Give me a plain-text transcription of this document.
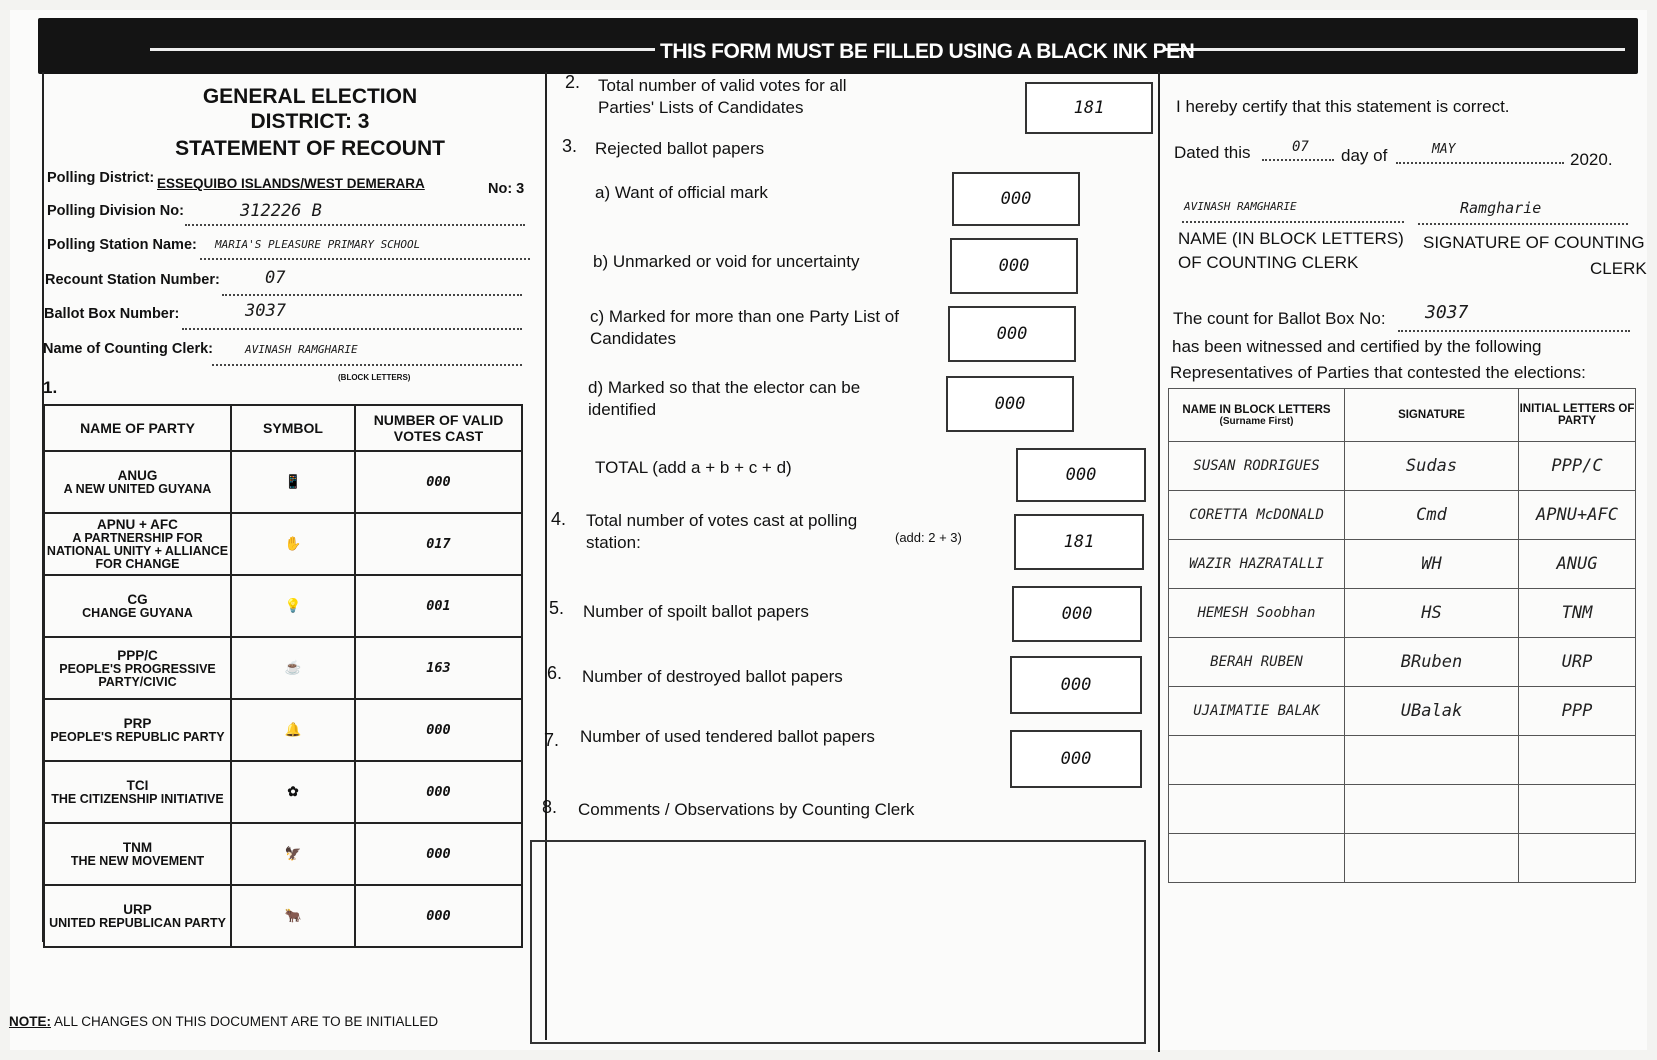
THIS FORM MUST BE FILLED USING A BLACK INK PEN
GENERAL ELECTION
DISTRICT: 3
STATEMENT OF RECOUNT
Polling District: ESSEQUIBO ISLANDS/WEST DEMERARA	No: 3
Polling Division No:	312226 B
Polling Station Name: MARIA'S PLEASURE PRIMARY SCHOOL
Recount Station Number:	07
Ballot Box Number:	3037
Name of Counting Clerk:	AVINASH RAMGHARIE
(BLOCK LETTERS)
1.
NAME OF PARTY	SYMBOL	NUMBER OF VALID VOTES CAST

ANUG
A NEW UNITED GUYANA	📱	000

APNU + AFC
A PARTNERSHIP FOR NATIONAL UNITY + ALLIANCE FOR CHANGE	✋	017

CG
CHANGE GUYANA	💡	001

PPP/C
PEOPLE'S PROGRESSIVE PARTY/CIVIC	☕	163

PRP
PEOPLE'S REPUBLIC PARTY	🔔	000

TCI
THE CITIZENSHIP INITIATIVE	✿	000

TNM
THE NEW MOVEMENT	🦅	000

URP
UNITED REPUBLICAN PARTY	🐂	000
NOTE: ALL CHANGES ON THIS DOCUMENT ARE TO BE INITIALLED
2. Total number of valid votes for all Parties' Lists of Candidates	181
3. Rejected ballot papers
a) Want of official mark	000
b) Unmarked or void for uncertainty	000
c) Marked for more than one Party List of Candidates	000
d) Marked so that the elector can be identified	000
TOTAL (add a + b + c + d)	000
4. Total number of votes cast at polling station:	(add: 2 + 3)	181
5. Number of spoilt ballot papers	000
6. Number of destroyed ballot papers	000
7. Number of used tendered ballot papers
000
8. Comments / Observations by Counting Clerk
I hereby certify that this statement is correct.
Dated this	07 day of	MAY
2020.
AVINASH RAMGHARIE	Ramgharie
NAME (IN BLOCK LETTERS)
OF COUNTING CLERK
SIGNATURE OF COUNTING
CLERK
The count for Ballot Box No: 3037
has been witnessed and certified by the following
Representatives of Parties that contested the elections:
NAME IN BLOCK LETTERS
(Surname First)	SIGNATURE	INITIAL LETTERS OF PARTY
SUSAN RODRIGUES	Sudas	PPP/C
CORETTA McDONALD	Cmd	APNU+AFC
WAZIR HAZRATALLI	WH	ANUG
HEMESH Soobhan	HS	TNM
BERAH RUBEN	BRuben	URP
UJAIMATIE BALAK	UBalak	PPP
